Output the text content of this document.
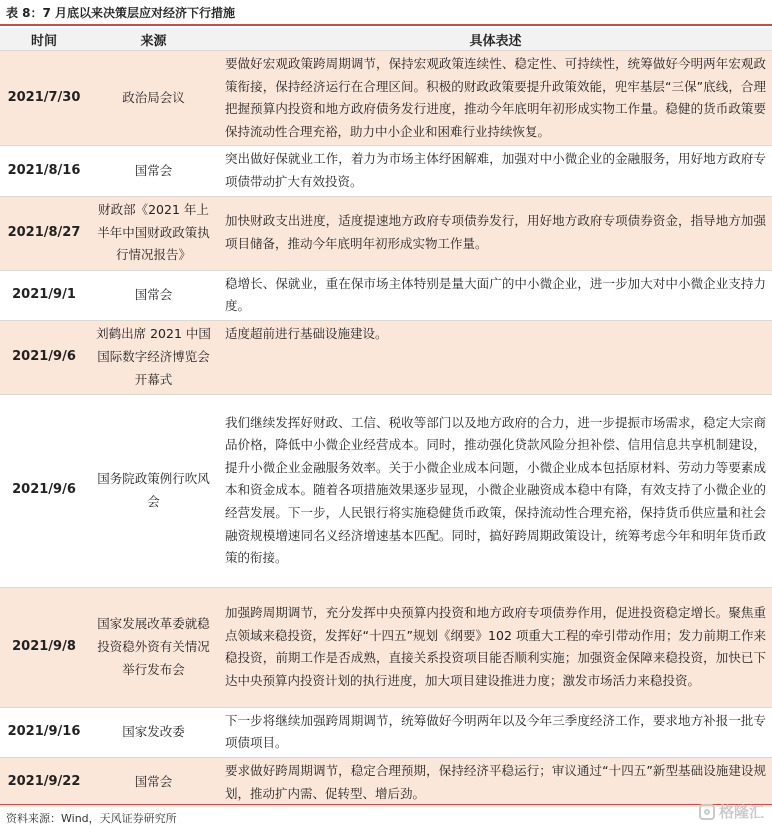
表 8：7 月底以来决策层应对经济下行措施
时间	来源	具体表述
2021/7/30	政治局会议	要做好宏观政策跨周期调节，保持宏观政策连续性、稳定性、可持续性，统筹做好今明两年宏观政策衔接，保持经济运行在合理区间。积极的财政政策要提升政策效能，兜牢基层“三保”底线，合理把握预算内投资和地方政府债务发行进度，推动今年底明年初形成实物工作量。稳健的货币政策要保持流动性合理充裕，助力中小企业和困难行业持续恢复。
2021/8/16	国常会	突出做好保就业工作，着力为市场主体纾困解难，加强对中小微企业的金融服务，用好地方政府专项债带动扩大有效投资。
2021/8/27	财政部《2021 年上半年中国财政政策执行情况报告》	加快财政支出进度，适度提速地方政府专项债券发行，用好地方政府专项债券资金，指导地方加强项目储备，推动今年底明年初形成实物工作量。
2021/9/1	国常会	稳增长、保就业，重在保市场主体特别是量大面广的中小微企业，进一步加大对中小微企业支持力度。
2021/9/6	刘鹤出席 2021 中国国际数字经济博览会开幕式	适度超前进行基础设施建设。
2021/9/6	国务院政策例行吹风会	我们继续发挥好财政、工信、税收等部门以及地方政府的合力，进一步提振市场需求，稳定大宗商品价格，降低中小微企业经营成本。同时，推动强化贷款风险分担补偿、信用信息共享机制建设，提升小微企业金融服务效率。关于小微企业成本问题，小微企业成本包括原材料、劳动力等要素成本和资金成本。随着各项措施效果逐步显现，小微企业融资成本稳中有降，有效支持了小微企业的经营发展。下一步，人民银行将实施稳健货币政策，保持流动性合理充裕，保持货币供应量和社会融资规模增速同名义经济增速基本匹配。同时，搞好跨周期政策设计，统筹考虑今年和明年货币政策的衔接。
2021/9/8	国家发展改革委就稳投资稳外资有关情况举行发布会	加强跨周期调节，充分发挥中央预算内投资和地方政府专项债券作用，促进投资稳定增长。聚焦重点领域来稳投资，发挥好“十四五”规划《纲要》102 项重大工程的牵引带动作用；发力前期工作来稳投资，前期工作是否成熟，直接关系投资项目能否顺利实施；加强资金保障来稳投资，加快已下达中央预算内投资计划的执行进度，加大项目建设推进力度；激发市场活力来稳投资。
2021/9/16	国家发改委	下一步将继续加强跨周期调节，统筹做好今明两年以及今年三季度经济工作，要求地方补报一批专项债项目。
2021/9/22	国常会	要求做好跨周期调节，稳定合理预期，保持经济平稳运行；审议通过“十四五”新型基础设施建设规划，推动扩内需、促转型、增后劲。
资料来源：Wind，天风证券研究所	格隆汇
